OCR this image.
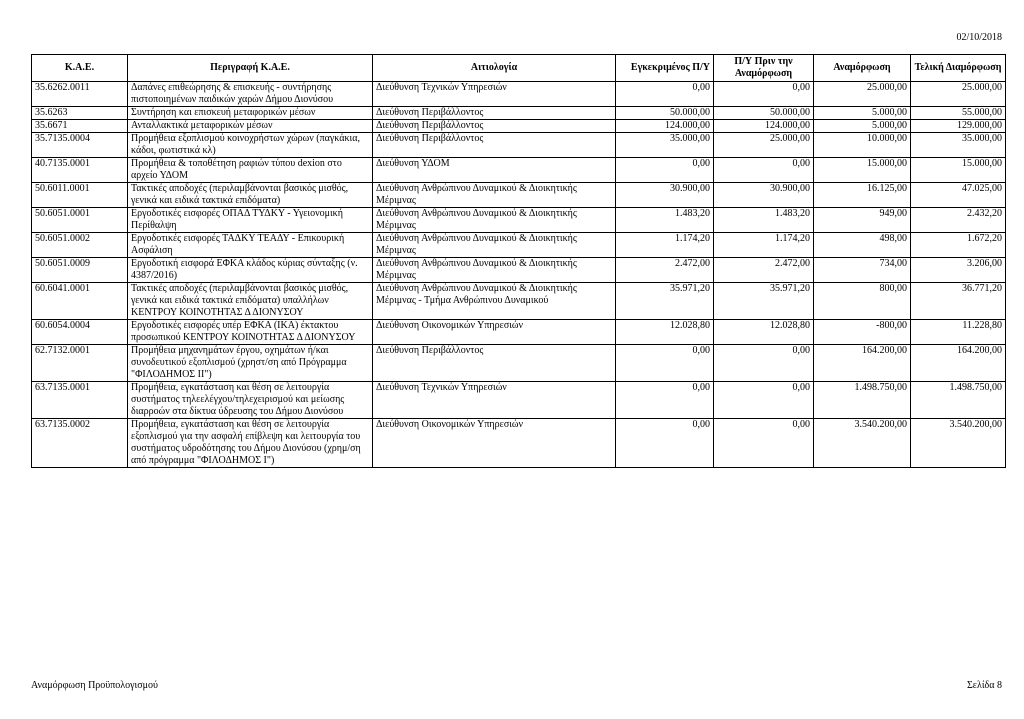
02/10/2018
Κ.Α.Ε.	Περιγραφή Κ.Α.Ε.	Αιτιολογία	Εγκεκριμένος Π/Υ	Π/Υ Πριν την Αναμόρφωση	Αναμόρφωση	Τελική Διαμόρφωση
35.6262.0011	Δαπάνες επιθεώρησης & επισκευής - συντήρησης πιστοποιημένων παιδικών χαρών Δήμου Διονύσου	Διεύθυνση Τεχνικών Υπηρεσιών	0,00	0,00	25.000,00	25.000,00
35.6263	Συντήρηση και επισκευή μεταφορικών μέσων	Διεύθυνση Περιβάλλοντος	50.000,00	50.000,00	5.000,00	55.000,00
35.6671	Ανταλλακτικά μεταφορικών μέσων	Διεύθυνση Περιβάλλοντος	124.000,00	124.000,00	5.000,00	129.000,00
35.7135.0004	Προμήθεια εξοπλισμού κοινοχρήστων χώρων (παγκάκια, κάδοι, φωτιστικά κλ)	Διεύθυνση Περιβάλλοντος	35.000,00	25.000,00	10.000,00	35.000,00
40.7135.0001	Προμήθεια & τοποθέτηση ραφιών τύπου dexion στο αρχείο ΥΔΟΜ	Διεύθυνση ΥΔΟΜ	0,00	0,00	15.000,00	15.000,00
50.6011.0001	Τακτικές αποδοχές (περιλαμβάνονται βασικός μισθός, γενικά και ειδικά τακτικά επιδόματα)	Διεύθυνση Ανθρώπινου Δυναμικού & Διοικητικής Μέριμνας	30.900,00	30.900,00	16.125,00	47.025,00
50.6051.0001	Εργοδοτικές εισφορές ΟΠΑΔ ΤΥΔΚΥ - Υγειονομική Περίθαλψη	Διεύθυνση Ανθρώπινου Δυναμικού & Διοικητικής Μέριμνας	1.483,20	1.483,20	949,00	2.432,20
50.6051.0002	Εργοδοτικές εισφορές ΤΑΔΚΥ ΤΕΑΔΥ - Επικουρική Ασφάλιση	Διεύθυνση Ανθρώπινου Δυναμικού & Διοικητικής Μέριμνας	1.174,20	1.174,20	498,00	1.672,20
50.6051.0009	Εργοδοτική εισφορά ΕΦΚΑ κλάδος κύριας σύνταξης (ν. 4387/2016)	Διεύθυνση Ανθρώπινου Δυναμικού & Διοικητικής Μέριμνας	2.472,00	2.472,00	734,00	3.206,00
60.6041.0001	Τακτικές αποδοχές (περιλαμβάνονται βασικός μισθός, γενικά και ειδικά τακτικά επιδόματα) υπαλλήλων ΚΕΝΤΡΟΥ ΚΟΙΝΟΤΗΤΑΣ Δ ΔΙΟΝΥΣΟΥ	Διεύθυνση Ανθρώπινου Δυναμικού & Διοικητικής Μέριμνας - Τμήμα Ανθρώπινου Δυναμικού	35.971,20	35.971,20	800,00	36.771,20
60.6054.0004	Εργοδοτικές εισφορές υπέρ ΕΦΚΑ (ΙΚΑ) έκτακτου προσωπικού ΚΕΝΤΡΟΥ ΚΟΙΝΟΤΗΤΑΣ Δ ΔΙΟΝΥΣΟΥ	Διεύθυνση Οικονομικών Υπηρεσιών	12.028,80	12.028,80	-800,00	11.228,80
62.7132.0001	Προμήθεια μηχανημάτων έργου, οχημάτων ή/και συνοδευτικού εξοπλισμού (χρηστ/ση από Πρόγραμμα "ΦΙΛΟΔΗΜΟΣ ΙΙ")	Διεύθυνση Περιβάλλοντος	0,00	0,00	164.200,00	164.200,00
63.7135.0001	Προμήθεια, εγκατάσταση και θέση σε λειτουργία συστήματος τηλεελέγχου/τηλεχειρισμού και μείωσης διαρροών στα δίκτυα ύδρευσης του Δήμου Διονύσου	Διεύθυνση Τεχνικών Υπηρεσιών	0,00	0,00	1.498.750,00	1.498.750,00
63.7135.0002	Προμήθεια, εγκατάσταση και θέση σε λειτουργία εξοπλισμού για την ασφαλή επίβλεψη και λειτουργία του συστήματος υδροδότησης του Δήμου Διονύσου (χρημ/ση από πρόγραμμα "ΦΙΛΟΔΗΜΟΣ Ι")	Διεύθυνση Οικονομικών Υπηρεσιών	0,00	0,00	3.540.200,00	3.540.200,00
Αναμόρφωση Προϋπολογισμού	Σελίδα 8
